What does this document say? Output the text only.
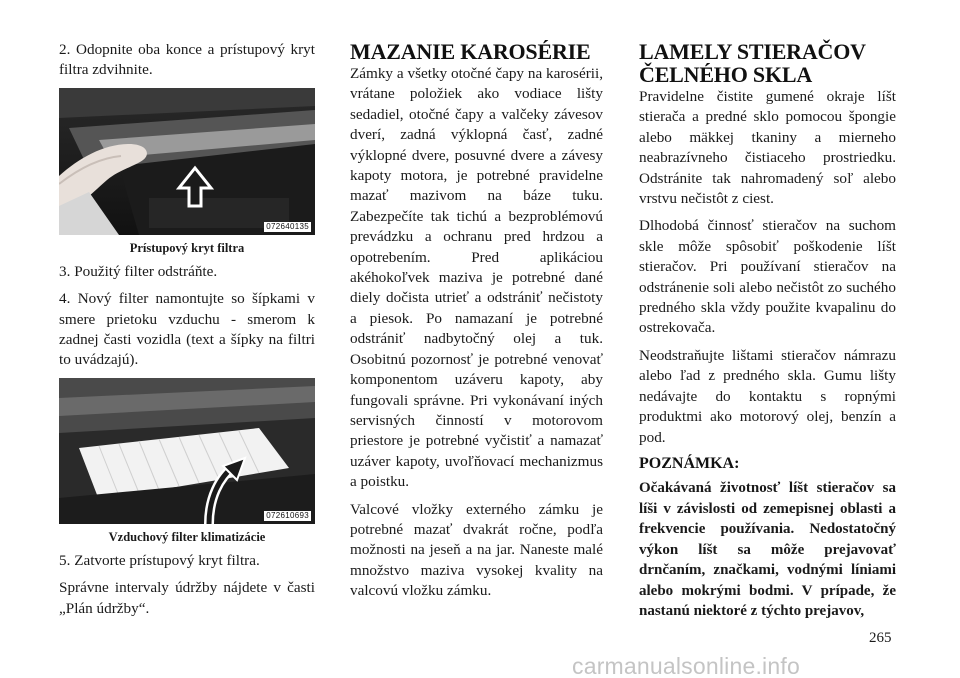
2. Odopnite oba konce a prístupový kryt filtra zdvihnite.

072640135
Prístupový kryt filtra

3. Použitý filter odstráňte.

4. Nový filter namontujte so šípkami v smere prietoku vzduchu - smerom k zadnej časti vozidla (text a šípky na filtri to uvádzajú).

072610693
Vzduchový filter klimatizácie

5. Zatvorte prístupový kryt filtra.

Správne intervaly údržby nájdete v časti „Plán údržby“.

MAZANIE KAROSÉRIE

Zámky a všetky otočné čapy na karosérii, vrátane položiek ako vodiace lišty sedadiel, otočné čapy a valčeky závesov dverí, zadná výklopná časť, zadné výklopné dvere, posuvné dvere a závesy kapoty motora, je potrebné pravidelne mazať mazivom na báze tuku. Zabezpečíte tak tichú a bezproblémovú prevádzku a ochranu pred hrdzou a opotrebením. Pred aplikáciou akéhokoľvek maziva je potrebné dané diely dočista utrieť a odstrániť nečistoty a piesok. Po namazaní je potrebné odstrániť nadbytočný olej a tuk. Osobitnú pozornosť je potrebné venovať komponentom uzáveru kapoty, aby fungovali správne. Pri vykonávaní iných servisných činností v motorovom priestore je potrebné vyčistiť a namazať uzáver kapoty, uvoľňovací mechanizmus a poistku.

Valcové vložky externého zámku je potrebné mazať dvakrát ročne, podľa možnosti na jeseň a na jar. Naneste malé množstvo maziva vysokej kvality na valcovú vložku zámku.

LAMELY STIERAČOV
ČELNÉHO SKLA

Pravidelne čistite gumené okraje líšt stierača a predné sklo pomocou špongie alebo mäkkej tkaniny a mierneho neabrazívneho čistiaceho prostriedku. Odstránite tak nahromadený soľ alebo vrstvu nečistôt z ciest.

Dlhodobá činnosť stieračov na suchom skle môže spôsobiť poškodenie líšt stieračov. Pri používaní stieračov na odstránenie soli alebo nečistôt zo suchého predného skla vždy použite kvapalinu do ostrekovača.

Neodstraňujte lištami stieračov námrazu alebo ľad z predného skla. Gumu lišty nedávajte do kontaktu s ropnými produktmi ako motorový olej, benzín a pod.

POZNÁMKA:

Očakávaná životnosť líšt stieračov sa líši v závislosti od zemepisnej oblasti a frekvencie používania. Nedostatočný výkon líšt sa môže prejavovať drnčaním, značkami, vodnými líniami alebo mokrými bodmi. V prípade, že nastanú niektoré z týchto prejavov,

265
carmanualsonline.info
